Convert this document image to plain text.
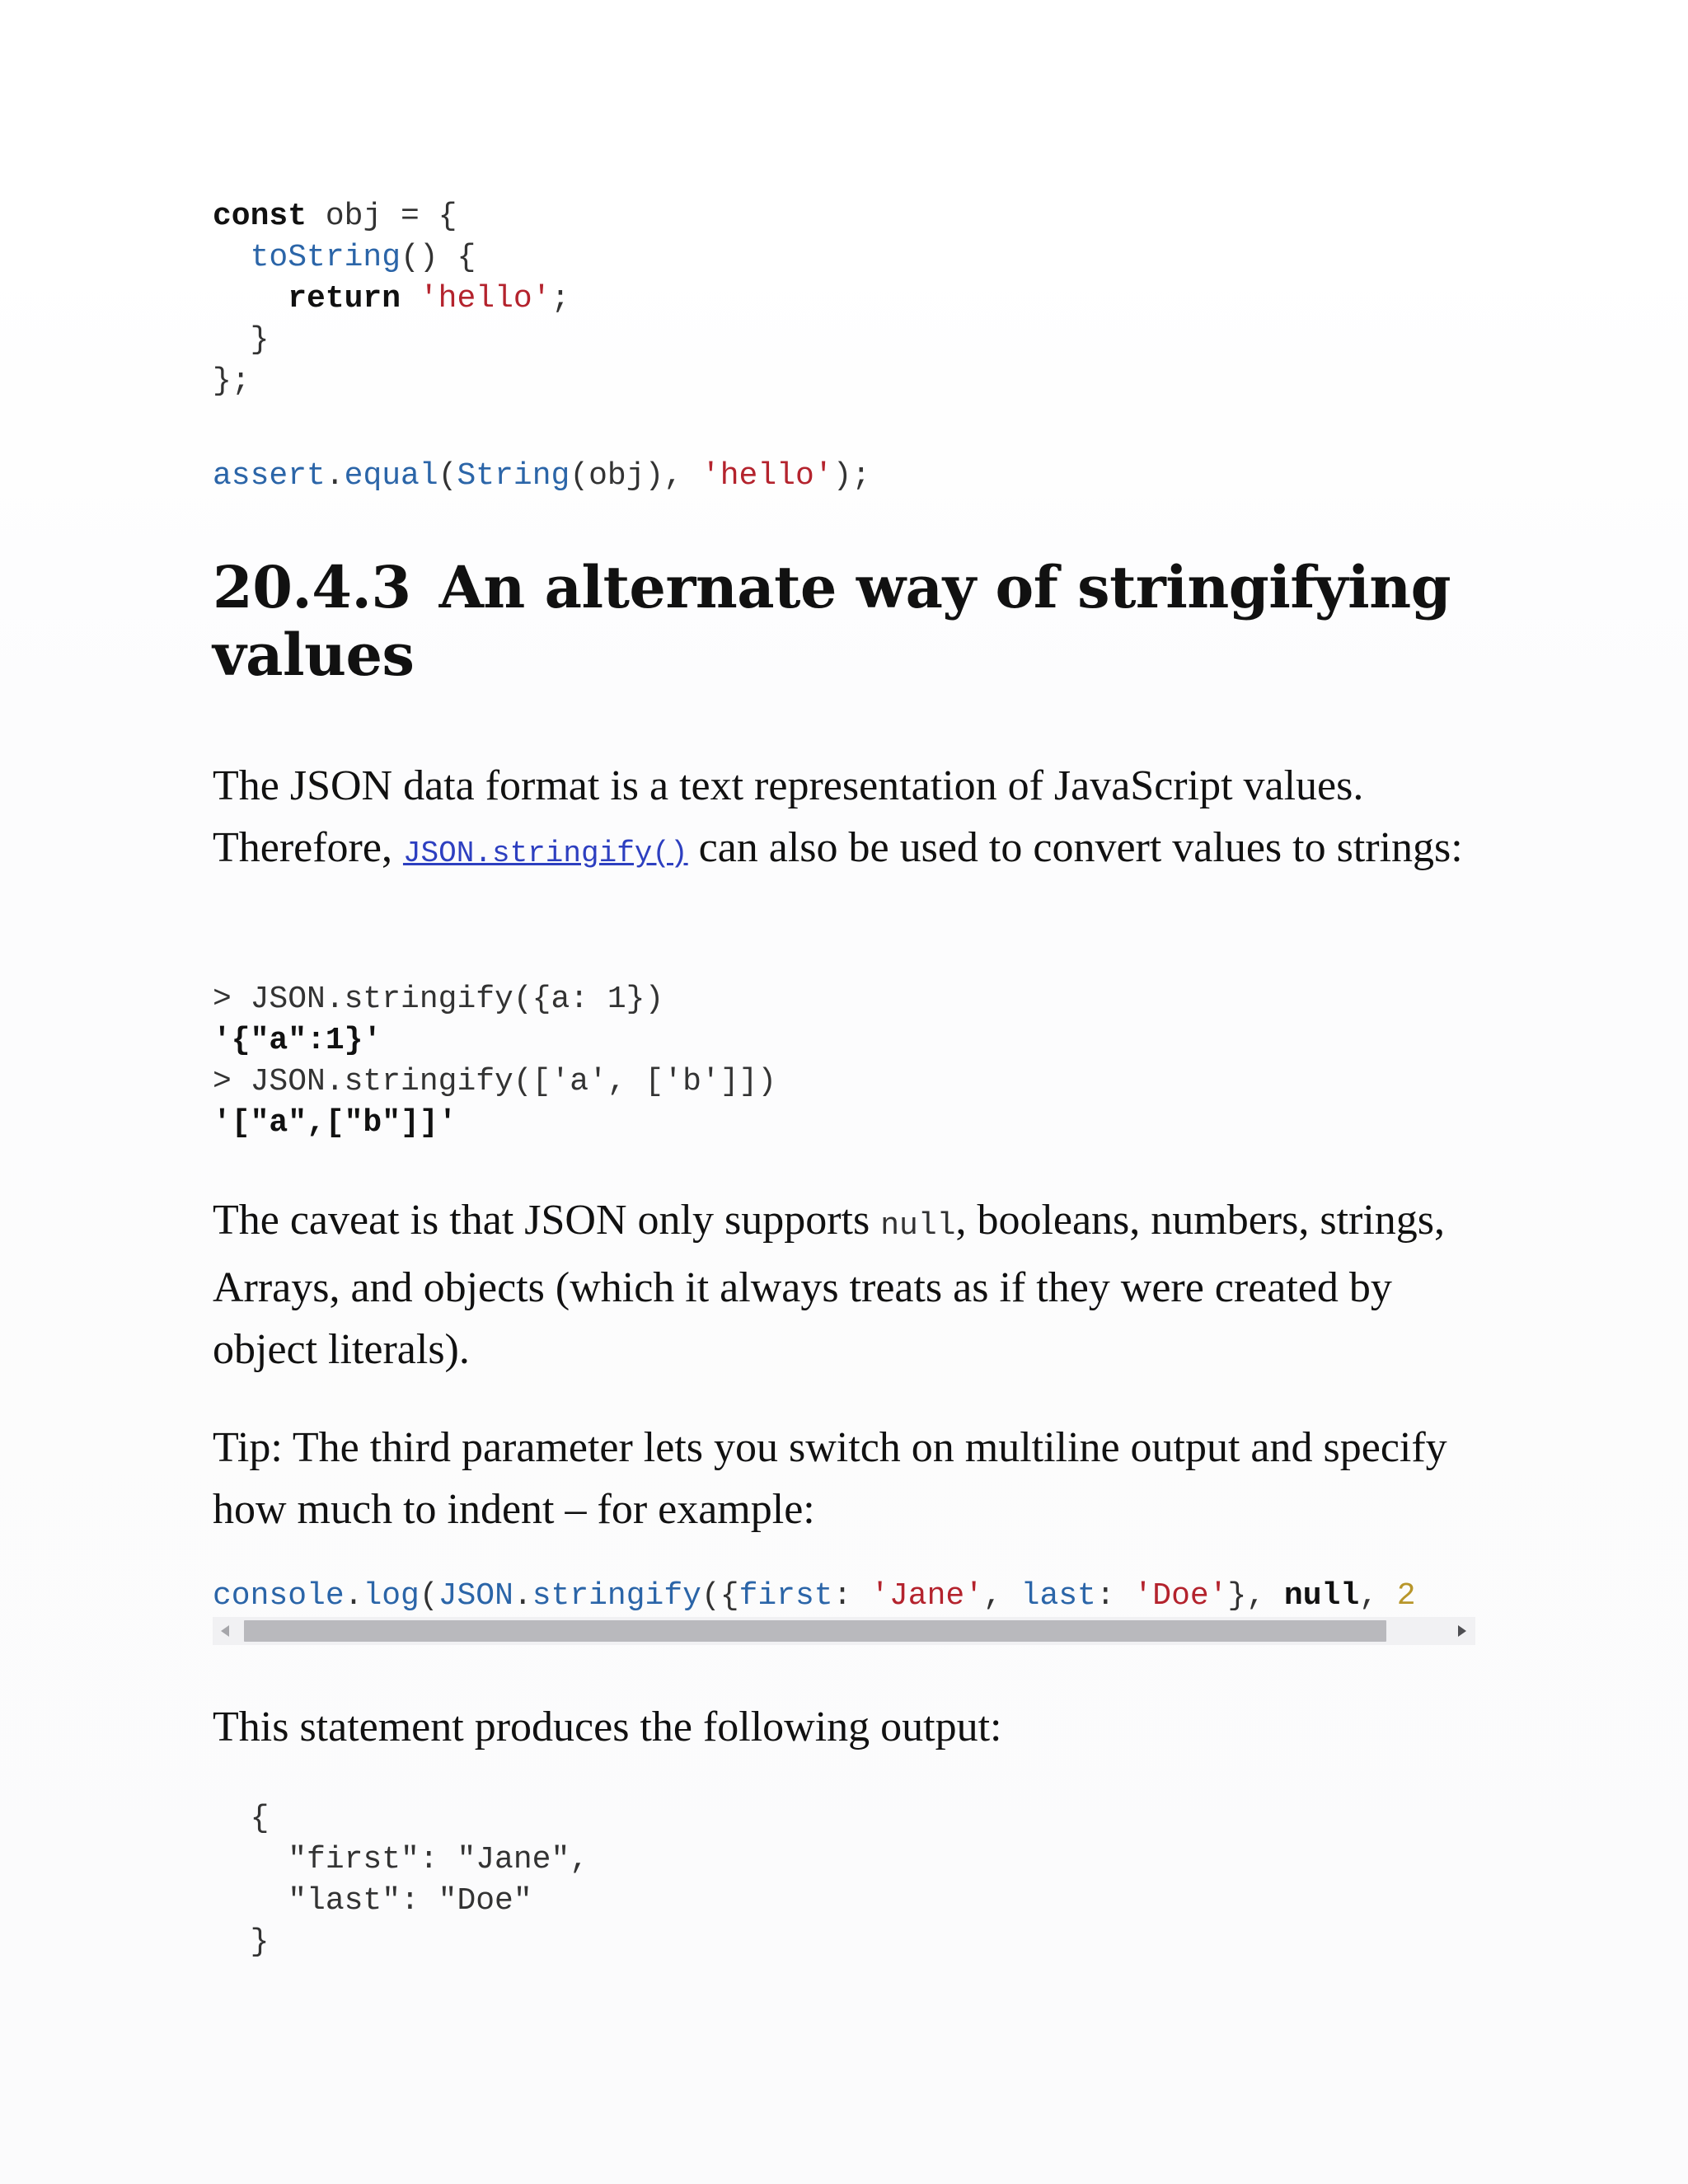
const obj = {
toString() {
return 'hello';
}
};

assert.equal(String(obj), 'hello');
20.4.3 An alternate way of stringifying
values

The JSON data format is a text representation of JavaScript values. Therefore, JSON.stringify() can also be used to convert values to strings:

> JSON.stringify({a: 1})
'{"a":1}'
> JSON.stringify(['a', ['b']])
'["a",["b"]]'

The caveat is that JSON only supports null, booleans, numbers, strings, Arrays, and objects (which it always treats as if they were created by object literals).

Tip: The third parameter lets you switch on multiline output and specify how much to indent – for example:

console.log(JSON.stringify({first: 'Jane', last: 'Doe'}, null, 2

This statement produces the following output:

{
"first": "Jane",
"last": "Doe"
}
